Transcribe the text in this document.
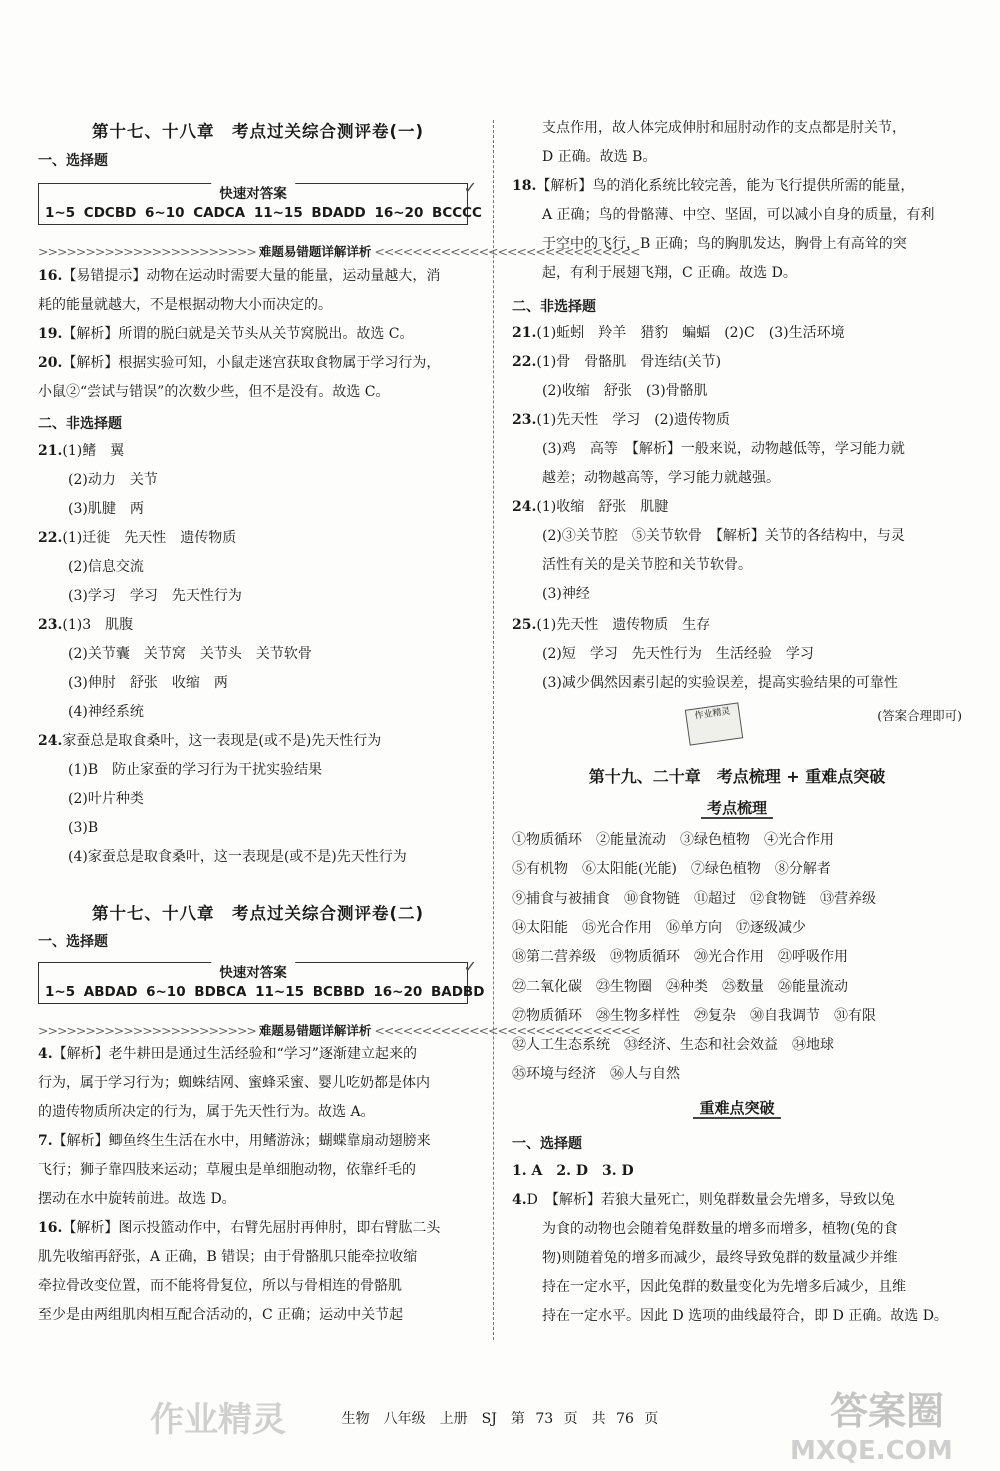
第十七、十八章　考点过关综合测评卷(一)
一、选择题
快速对答案	✓
1~5 CDCBD 6~10 CADCA 11~15 BDADD 16~20 BCCCC
>>>>>>>>>>>>>>>>>>>>>>> 难题易错题详解详析 <<<<<<<<<<<<<<<<<<<<<<<<<<<<
16.【易错提示】动物在运动时需要大量的能量，运动量越大，消
耗的能量就越大，不是根据动物大小而决定的。
19.【解析】所谓的脱臼就是关节头从关节窝脱出。故选 C。
20.【解析】根据实验可知，小鼠走迷宫获取食物属于学习行为，
小鼠②“尝试与错误”的次数少些，但不是没有。故选 C。
二、非选择题
21.(1)鳍　翼
(2)动力　关节
(3)肌腱　两
22.(1)迁徙　先天性　遗传物质
(2)信息交流
(3)学习　学习　先天性行为
23.(1)3　肌腹
(2)关节囊　关节窝　关节头　关节软骨
(3)伸肘　舒张　收缩　两
(4)神经系统
24.家蚕总是取食桑叶，这一表现是(或不是)先天性行为
(1)B　防止家蚕的学习行为干扰实验结果
(2)叶片种类
(3)B
(4)家蚕总是取食桑叶，这一表现是(或不是)先天性行为
第十七、十八章　考点过关综合测评卷(二)
一、选择题
快速对答案	✓
1~5 ABDAD 6~10 BDBCA 11~15 BCBBD 16~20 BADBD
>>>>>>>>>>>>>>>>>>>>>>> 难题易错题详解详析 <<<<<<<<<<<<<<<<<<<<<<<<<<<<
4.【解析】老牛耕田是通过生活经验和“学习”逐渐建立起来的
行为，属于学习行为；蜘蛛结网、蜜蜂采蜜、婴儿吃奶都是体内
的遗传物质所决定的行为，属于先天性行为。故选 A。
7.【解析】鲫鱼终生生活在水中，用鳍游泳；蝴蝶靠扇动翅膀来
飞行；狮子靠四肢来运动；草履虫是单细胞动物，依靠纤毛的
摆动在水中旋转前进。故选 D。
16.【解析】图示投篮动作中，右臂先屈肘再伸肘，即右臂肱二头
肌先收缩再舒张，A 正确，B 错误；由于骨骼肌只能牵拉收缩
牵拉骨改变位置，而不能将骨复位，所以与骨相连的骨骼肌
至少是由两组肌肉相互配合活动的，C 正确；运动中关节起
支点作用，故人体完成伸肘和屈肘动作的支点都是肘关节，
D 正确。故选 B。
18.【解析】鸟的消化系统比较完善，能为飞行提供所需的能量，
A 正确；鸟的骨骼薄、中空、坚固，可以减小自身的质量，有利
于空中的飞行，B 正确；鸟的胸肌发达，胸骨上有高耸的突
起，有利于展翅飞翔，C 正确。故选 D。
二、非选择题
21.(1)蚯蚓　羚羊　猎豹　蝙蝠　(2)C　(3)生活环境
22.(1)骨　骨骼肌　骨连结(关节)
(2)收缩　舒张　(3)骨骼肌
23.(1)先天性　学习　(2)遗传物质
(3)鸡　高等　【解析】一般来说，动物越低等，学习能力就
越差；动物越高等，学习能力就越强。
24.(1)收缩　舒张　肌腱
(2)③关节腔　⑤关节软骨　【解析】关节的各结构中，与灵
活性有关的是关节腔和关节软骨。
(3)神经
25.(1)先天性　遗传物质　生存
(2)短　学习　先天性行为　生活经验　学习
(3)减少偶然因素引起的实验误差，提高实验结果的可靠性
(答案合理即可)
作业精灵
第十九、二十章　考点梳理 + 重难点突破
考点梳理
①物质循环　②能量流动　③绿色植物　④光合作用
⑤有机物　⑥太阳能(光能)　⑦绿色植物　⑧分解者
⑨捕食与被捕食　⑩食物链　⑪超过　⑫食物链　⑬营养级
⑭太阳能　⑮光合作用　⑯单方向　⑰逐级减少
⑱第二营养级　⑲物质循环　⑳光合作用　㉑呼吸作用
㉒二氧化碳　㉓生物圈　㉔种类　㉕数量　㉖能量流动
㉗物质循环　㉘生物多样性　㉙复杂　㉚自我调节　㉛有限
㉜人工生态系统　㉝经济、生态和社会效益　㉞地球
㉟环境与经济　㊱人与自然
重难点突破
一、选择题
1. A　2. D　3. D
4.D　【解析】若狼大量死亡，则兔群数量会先增多，导致以兔
为食的动物也会随着兔群数量的增多而增多，植物(兔的食
物)则随着兔的增多而减少，最终导致兔群的数量减少并维
持在一定水平，因此兔群的数量变化为先增多后减少，且维
持在一定水平。因此 D 选项的曲线最符合，即 D 正确。故选 D。
生物　八年级　上册　SJ　第 73 页　共 76 页
作业精灵	答案圈
MXQE.COM
